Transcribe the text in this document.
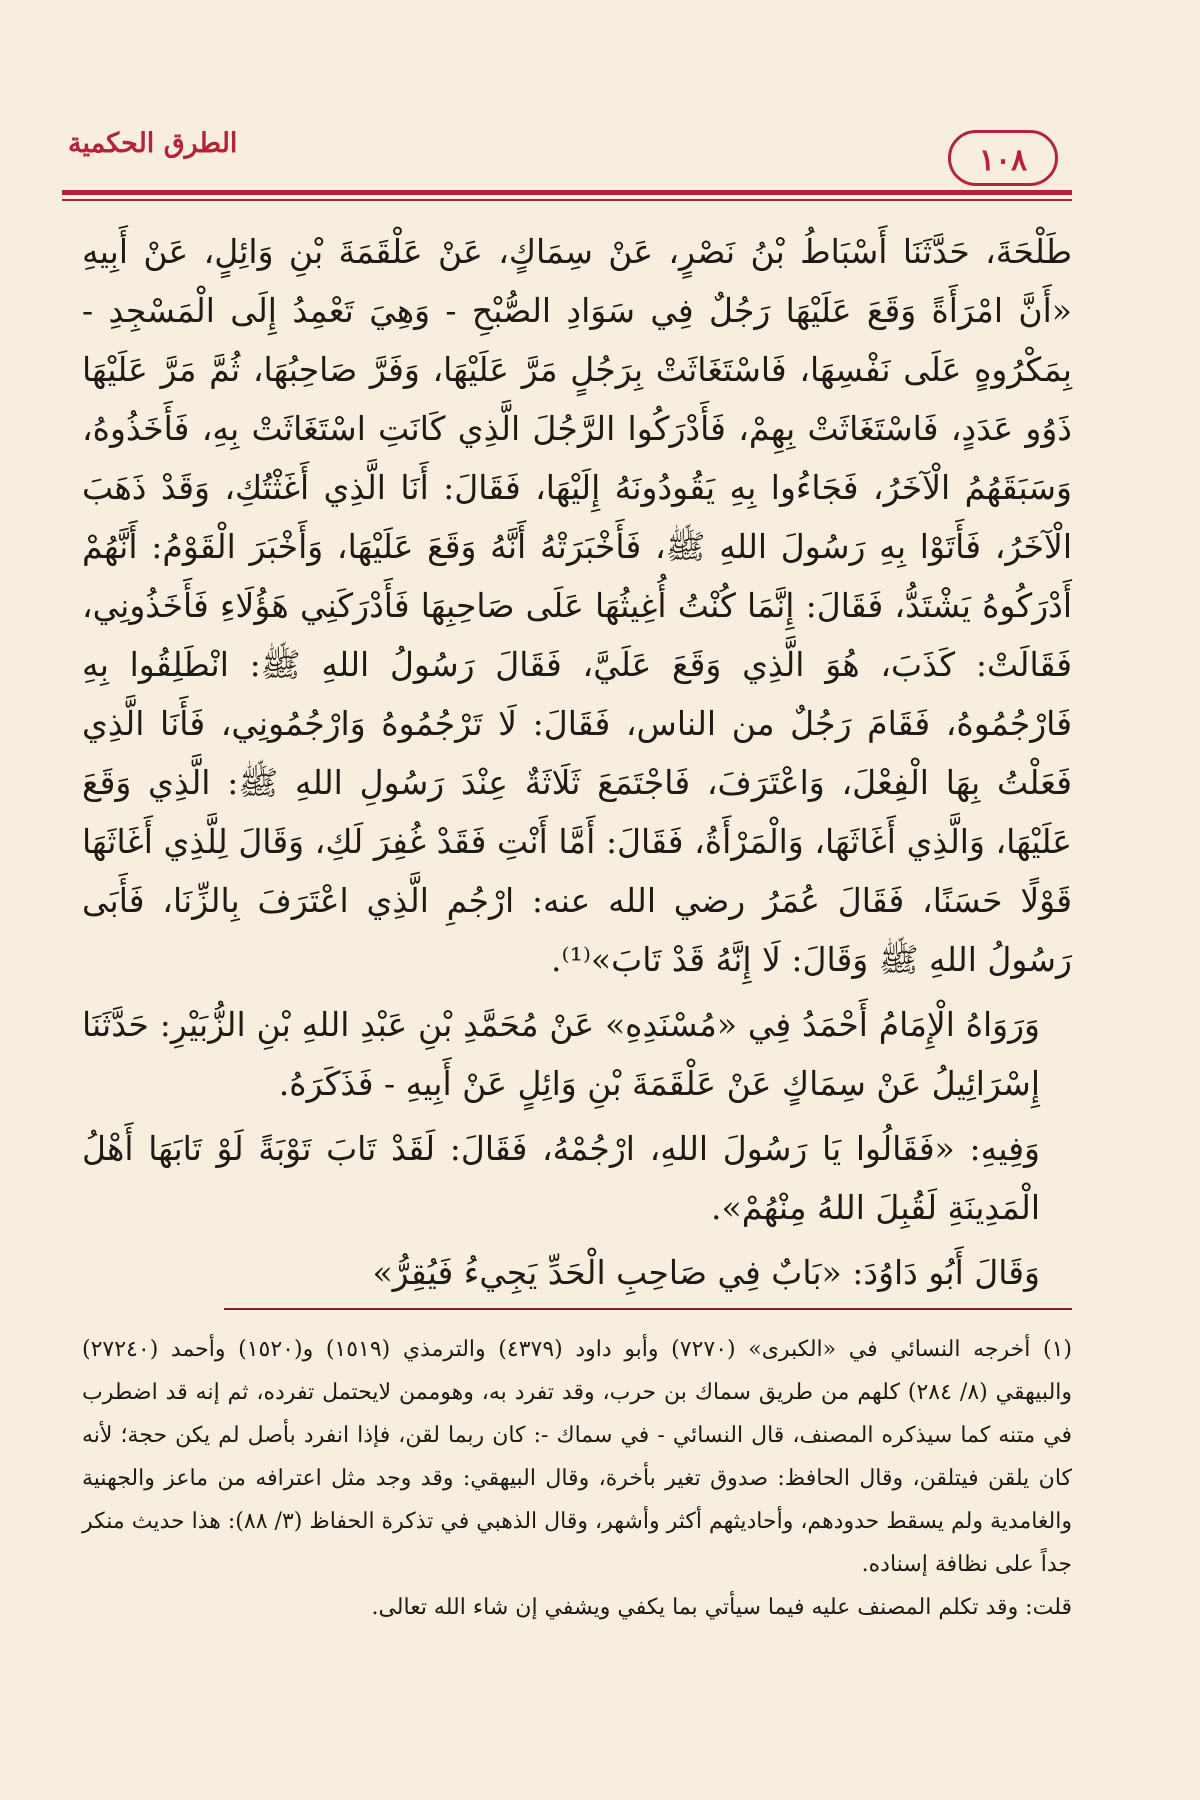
الطرق الحكمية	١٠٨

طَلْحَةَ، حَدَّثَنَا أَسْبَاطُ بْنُ نَصْرٍ، عَنْ سِمَاكٍ، عَنْ عَلْقَمَةَ بْنِ وَائِلٍ، عَنْ أَبِيهِ «أَنَّ امْرَأَةً وَقَعَ عَلَيْهَا رَجُلٌ فِي سَوَادِ الصُّبْحِ - وَهِيَ تَعْمِدُ إِلَى الْمَسْجِدِ - بِمَكْرُوهٍ عَلَى نَفْسِهَا، فَاسْتَغَاثَتْ بِرَجُلٍ مَرَّ عَلَيْهَا، وَفَرَّ صَاحِبُهَا، ثُمَّ مَرَّ عَلَيْهَا ذَوُو عَدَدٍ، فَاسْتَغَاثَتْ بِهِمْ، فَأَدْرَكُوا الرَّجُلَ الَّذِي كَانَتِ اسْتَغَاثَتْ بِهِ، فَأَخَذُوهُ، وَسَبَقَهُمُ الْآخَرُ، فَجَاءُوا بِهِ يَقُودُونَهُ إِلَيْهَا، فَقَالَ: أَنَا الَّذِي أَغَثْتُكِ، وَقَدْ ذَهَبَ الْآخَرُ، فَأَتَوْا بِهِ رَسُولَ اللهِ ﷺ، فَأَخْبَرَتْهُ أَنَّهُ وَقَعَ عَلَيْهَا، وَأَخْبَرَ الْقَوْمُ: أَنَّهُمْ أَدْرَكُوهُ يَشْتَدُّ، فَقَالَ: إِنَّمَا كُنْتُ أُغِيثُهَا عَلَى صَاحِبِهَا فَأَدْرَكَنِي هَؤُلَاءِ فَأَخَذُونِي، فَقَالَتْ: كَذَبَ، هُوَ الَّذِي وَقَعَ عَلَيَّ، فَقَالَ رَسُولُ اللهِ ﷺ: انْطَلِقُوا بِهِ فَارْجُمُوهُ، فَقَامَ رَجُلٌ من الناس، فَقَالَ: لَا تَرْجُمُوهُ وَارْجُمُونِي، فَأَنَا الَّذِي فَعَلْتُ بِهَا الْفِعْلَ، وَاعْتَرَفَ، فَاجْتَمَعَ ثَلَاثَةٌ عِنْدَ رَسُولِ اللهِ ﷺ: الَّذِي وَقَعَ عَلَيْهَا، وَالَّذِي أَغَاثَهَا، وَالْمَرْأَةُ، فَقَالَ: أَمَّا أَنْتِ فَقَدْ غُفِرَ لَكِ، وَقَالَ لِلَّذِي أَغَاثَهَا قَوْلًا حَسَنًا، فَقَالَ عُمَرُ رضي الله عنه: ارْجُمِ الَّذِي اعْتَرَفَ بِالزِّنَا، فَأَبَى رَسُولُ اللهِ ﷺ وَقَالَ: لَا إِنَّهُ قَدْ تَابَ»⁽¹⁾.

وَرَوَاهُ الْإِمَامُ أَحْمَدُ فِي «مُسْنَدِهِ» عَنْ مُحَمَّدِ بْنِ عَبْدِ اللهِ بْنِ الزُّبَيْرِ: حَدَّثَنَا إِسْرَائِيلُ عَنْ سِمَاكٍ عَنْ عَلْقَمَةَ بْنِ وَائِلٍ عَنْ أَبِيهِ - فَذَكَرَهُ.

وَفِيهِ: «فَقَالُوا يَا رَسُولَ اللهِ، ارْجُمْهُ، فَقَالَ: لَقَدْ تَابَ تَوْبَةً لَوْ تَابَهَا أَهْلُ الْمَدِينَةِ لَقُبِلَ اللهُ مِنْهُمْ».

وَقَالَ أَبُو دَاوُدَ: «بَابٌ فِي صَاحِبِ الْحَدِّ يَجِيءُ فَيُقِرُّ»

(١) أخرجه النسائي في «الكبرى» (٧٢٧٠) وأبو داود (٤٣٧٩) والترمذي (١٥١٩) و(١٥٢٠) وأحمد (٢٧٢٤٠) والبيهقي (٨/ ٢٨٤) كلهم من طريق سماك بن حرب، وقد تفرد به، وهوممن لايحتمل تفرده، ثم إنه قد اضطرب في متنه كما سيذكره المصنف، قال النسائي - في سماك -: كان ربما لقن، فإذا انفرد بأصل لم يكن حجة؛ لأنه كان يلقن فيتلقن، وقال الحافظ: صدوق تغير بأخرة، وقال البيهقي: وقد وجد مثل اعترافه من ماعز والجهنية والغامدية ولم يسقط حدودهم، وأحاديثهم أكثر وأشهر، وقال الذهبي في تذكرة الحفاظ (٣/ ٨٨): هذا حديث منكر جداً على نظافة إسناده.

قلت: وقد تكلم المصنف عليه فيما سيأتي بما يكفي ويشفي إن شاء الله تعالى.
